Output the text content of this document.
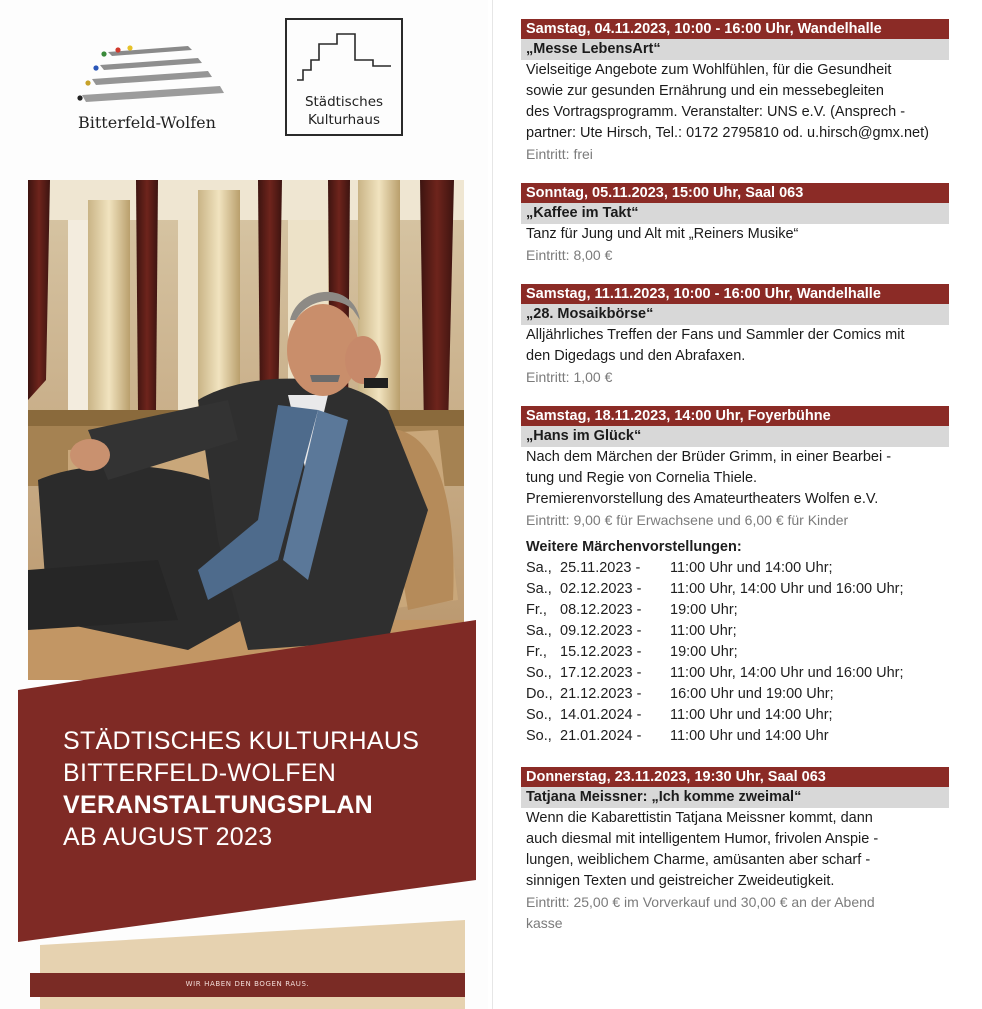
Bitterfeld-Wolfen
Städtisches
Kulturhaus
STÄDTISCHES KULTURHAUS
BITTERFELD-WOLFEN
VERANSTALTUNGSPLAN
AB AUGUST 2023
WIR HABEN DEN BOGEN RAUS.
Samstag, 04.11.2023, 10:00 - 16:00 Uhr, Wandelhalle
„Messe LebensArt“
Vielseitige Angebote zum Wohlfühlen, für die Gesundheit
sowie zur gesunden Ernährung und ein messebegleiten
des Vortragsprogramm. Veranstalter: UNS e.V. (Ansprech -
partner: Ute Hirsch, Tel.: 0172 2795810 od. u.hirsch@gmx.net)
Eintritt: frei
Sonntag, 05.11.2023, 15:00 Uhr, Saal 063
„Kaffee im Takt“
Tanz für Jung und Alt mit „Reiners Musike“
Eintritt: 8,00 €
Samstag, 11.11.2023, 10:00 - 16:00 Uhr, Wandelhalle
„28. Mosaikbörse“
Alljährliches Treffen der Fans und Sammler der Comics mit
den Digedags und den Abrafaxen.
Eintritt: 1,00 €
Samstag, 18.11.2023, 14:00 Uhr, Foyerbühne
„Hans im Glück“
Nach dem Märchen der Brüder Grimm, in einer Bearbei -
tung und Regie von Cornelia Thiele.
Premierenvorstellung des Amateurtheaters Wolfen e.V.
Eintritt: 9,00 € für Erwachsene und 6,00 € für Kinder
Weitere Märchenvorstellungen:
Sa., 25.11.2023 -	11:00 Uhr und 14:00 Uhr;
Sa., 02.12.2023 -	11:00 Uhr, 14:00 Uhr und 16:00 Uhr;
Fr., 08.12.2023 -	19:00 Uhr;
Sa., 09.12.2023 -	11:00 Uhr;
Fr., 15.12.2023 -	19:00 Uhr;
So., 17.12.2023 -	11:00 Uhr, 14:00 Uhr und 16:00 Uhr;
Do., 21.12.2023 -	16:00 Uhr und 19:00 Uhr;
So., 14.01.2024 -	11:00 Uhr und 14:00 Uhr;
So., 21.01.2024 -	11:00 Uhr und 14:00 Uhr
Donnerstag, 23.11.2023, 19:30 Uhr, Saal 063
Tatjana Meissner: „Ich komme zweimal“
Wenn die Kabarettistin Tatjana Meissner kommt, dann
auch diesmal mit intelligentem Humor, frivolen Anspie -
lungen, weiblichem Charme, amüsanten aber scharf -
sinnigen Texten und geistreicher Zweideutigkeit.
Eintritt: 25,00 € im Vorverkauf und 30,00 € an der Abend
kasse
